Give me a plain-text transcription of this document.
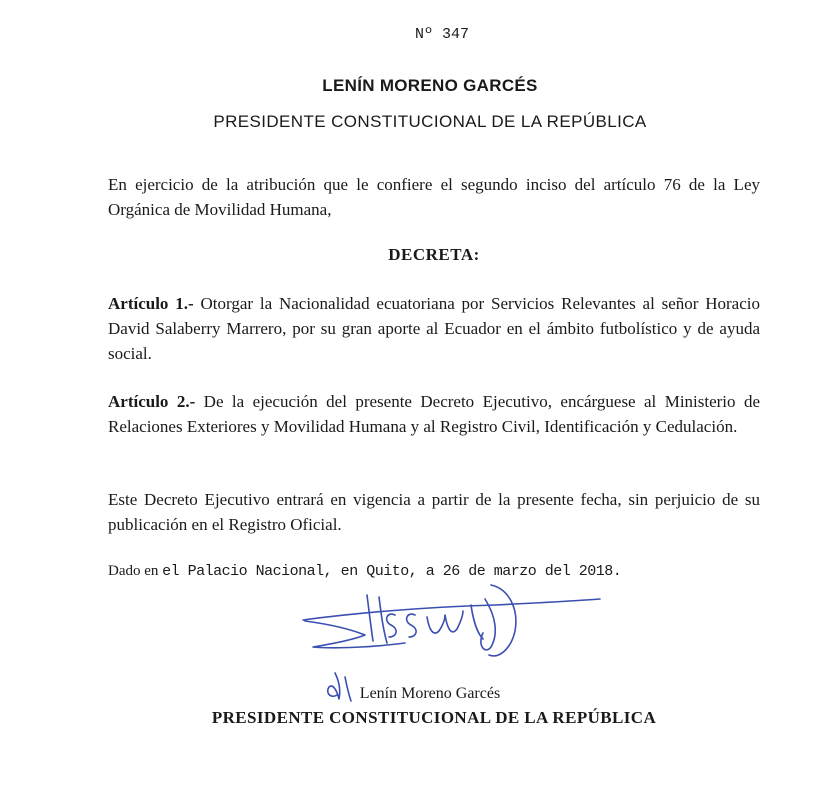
Nº 347
LENÍN MORENO GARCÉS
PRESIDENTE CONSTITUCIONAL DE LA REPÚBLICA

En ejercicio de la atribución que le confiere el segundo inciso del artículo 76 de la Ley Orgánica de Movilidad Humana,

DECRETA:

Artículo 1.- Otorgar la Nacionalidad ecuatoriana por Servicios Relevantes al señor Horacio David Salaberry Marrero, por su gran aporte al Ecuador en el ámbito futbolístico y de ayuda social.

Artículo 2.- De la ejecución del presente Decreto Ejecutivo, encárguese al Ministerio de Relaciones Exteriores y Movilidad Humana y al Registro Civil, Identificación y Cedulación.

Este Decreto Ejecutivo entrará en vigencia a partir de la presente fecha, sin perjuicio de su publicación en el Registro Oficial.

Dado en el Palacio Nacional, en Quito, a 26 de marzo del 2018.
Lenín Moreno Garcés
PRESIDENTE CONSTITUCIONAL DE LA REPÚBLICA
